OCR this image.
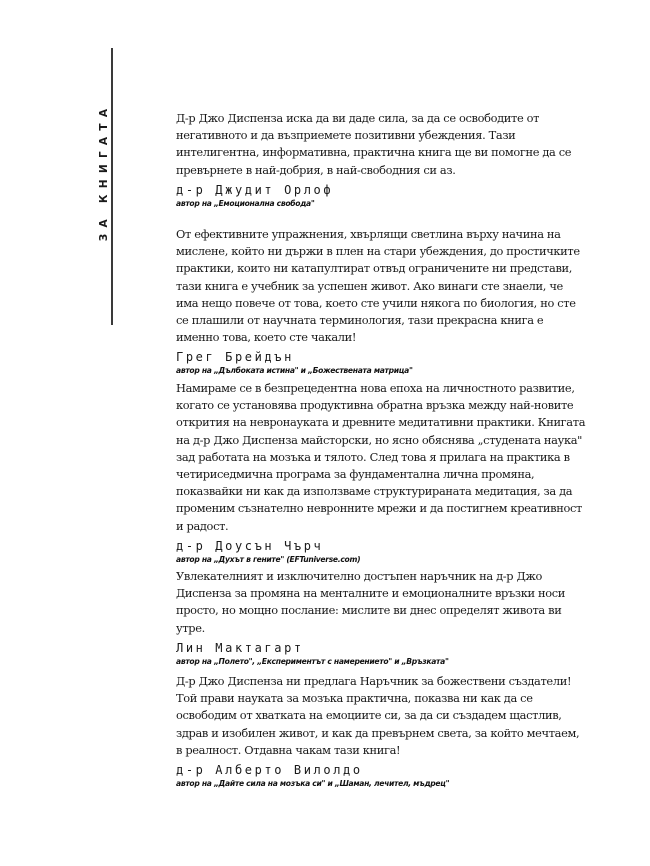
ЗА КНИГАТА	Д-р Джо Диспенза иска да ви даде сила, за да се освободите от негативното и да възприемете позитивни убеждения. Тази интелигентна, информативна, практична книга ще ви помогне да се превърнете в най-добрия, в най-свободния си аз.

д-р Джудит Орлоф

автор на „Емоционална свобода"

От ефективните упражнения, хвърлящи светлина върху начина на мислене, който ни държи в плен на стари убеждения, до простичките практики, които ни катапултират отвъд ограничените ни представи, тази книга е учебник за успешен живот. Ако винаги сте знаели, че има нещо повече от това, което сте учили някога по биология, но сте се плашили от научната терминология, тази прекрасна книга е именно това, което сте чакали!

Грег Брейдън

автор на „Дълбоката истина" и „Божествената матрица"

Намираме се в безпрецедентна нова епоха на личностното развитие, когато се установява продуктивна обратна връзка между най-новите открития на невронауката и древните медитативни практики. Книгата на д-р Джо Диспенза майсторски, но ясно обяснява „студената наука" зад работата на мозъка и тялото. След това я прилага на практика в четириседмична програма за фундаментална лична промяна, показвайки ни как да използваме структурираната медитация, за да променим съзнателно невронните мрежи и да постигнем креативност и радост.

д-р Доусън Чърч

автор на „Духът в гените" (EFTuniverse.com)

Увлекателният и изключително достъпен наръчник на д-р Джо Диспенза за промяна на менталните и емоционалните връзки носи просто, но мощно послание: мислите ви днес определят живота ви утре.

Лин Мактагарт

автор на „Полето", „Експериментът с намерението" и „Връзката"

Д-р Джо Диспенза ни предлага Наръчник за божествени създатели! Той прави науката за мозъка практична, показва ни как да се освободим от хватката на емоциите си, за да си създадем щастлив, здрав и изобилен живот, и как да превърнем света, за който мечтаем, в реалност. Отдавна чакам тази книга!

д-р Алберто Вилолдо

автор на „Дайте сила на мозъка си" и „Шаман, лечител, мъдрец"
